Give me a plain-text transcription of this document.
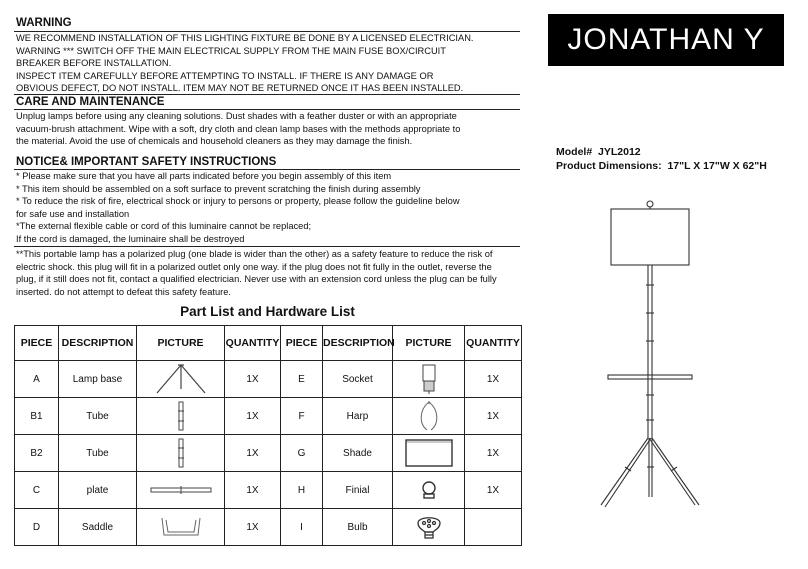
WARNING
WE RECOMMEND INSTALLATION OF THIS LIGHTING FIXTURE BE DONE BY A LICENSED ELECTRICIAN.
WARNING *** SWITCH OFF THE MAIN ELECTRICAL SUPPLY FROM THE MAIN FUSE BOX/CIRCUIT
BREAKER BEFORE INSTALLATION.
INSPECT ITEM CAREFULLY BEFORE ATTEMPTING TO INSTALL. IF THERE IS ANY DAMAGE OR
OBVIOUS DEFECT, DO NOT INSTALL. ITEM MAY NOT BE RETURNED ONCE IT HAS BEEN INSTALLED.
CARE AND MAINTENANCE
Unplug lamps before using any cleaning solutions. Dust shades with a feather duster or with an appropriate
vacuum-brush attachment. Wipe with a soft, dry cloth and clean lamp bases with the methods appropriate to
the material. Avoid the use of chemicals and household cleaners as they may damage the finish.
NOTICE& IMPORTANT SAFETY INSTRUCTIONS
* Please make sure that you have all parts indicated before you begin assembly of this item
* This item should be assembled on a soft surface to prevent scratching the finish during assembly
* To reduce the risk of fire, electrical shock or injury to persons or property, please follow the guideline below
for safe use and installation
*The external flexible cable or cord of this luminaire cannot be replaced;
If the cord is damaged, the luminaire shall be destroyed
**This portable lamp has a polarized plug (one blade is wider than the other) as a safety feature to reduce the risk of
electric shock. this plug will fit in a polarized outlet only one way. if the plug does not fit fully in the outlet, reverse the
plug, if it still does not fit, contact a qualified electrician. Never use with an extension cord unless the plug can be fully
inserted. do not attempt to defeat this safety feature.
Part List and Hardware List
PIECE	DESCRIPTION	PICTURE	QUANTITY	PIECE	DESCRIPTION	PICTURE	QUANTITY
A	Lamp base		1X	E	Socket		1X
B1	Tube		1X	F	Harp		1X
B2	Tube		1X	G	Shade		1X
C	plate		1X	H	Finial		1X
D	Saddle		1X	I	Bulb	

JONATHAN Y
Model# JYL2012
Product Dimensions: 17"L X 17"W X 62"H
